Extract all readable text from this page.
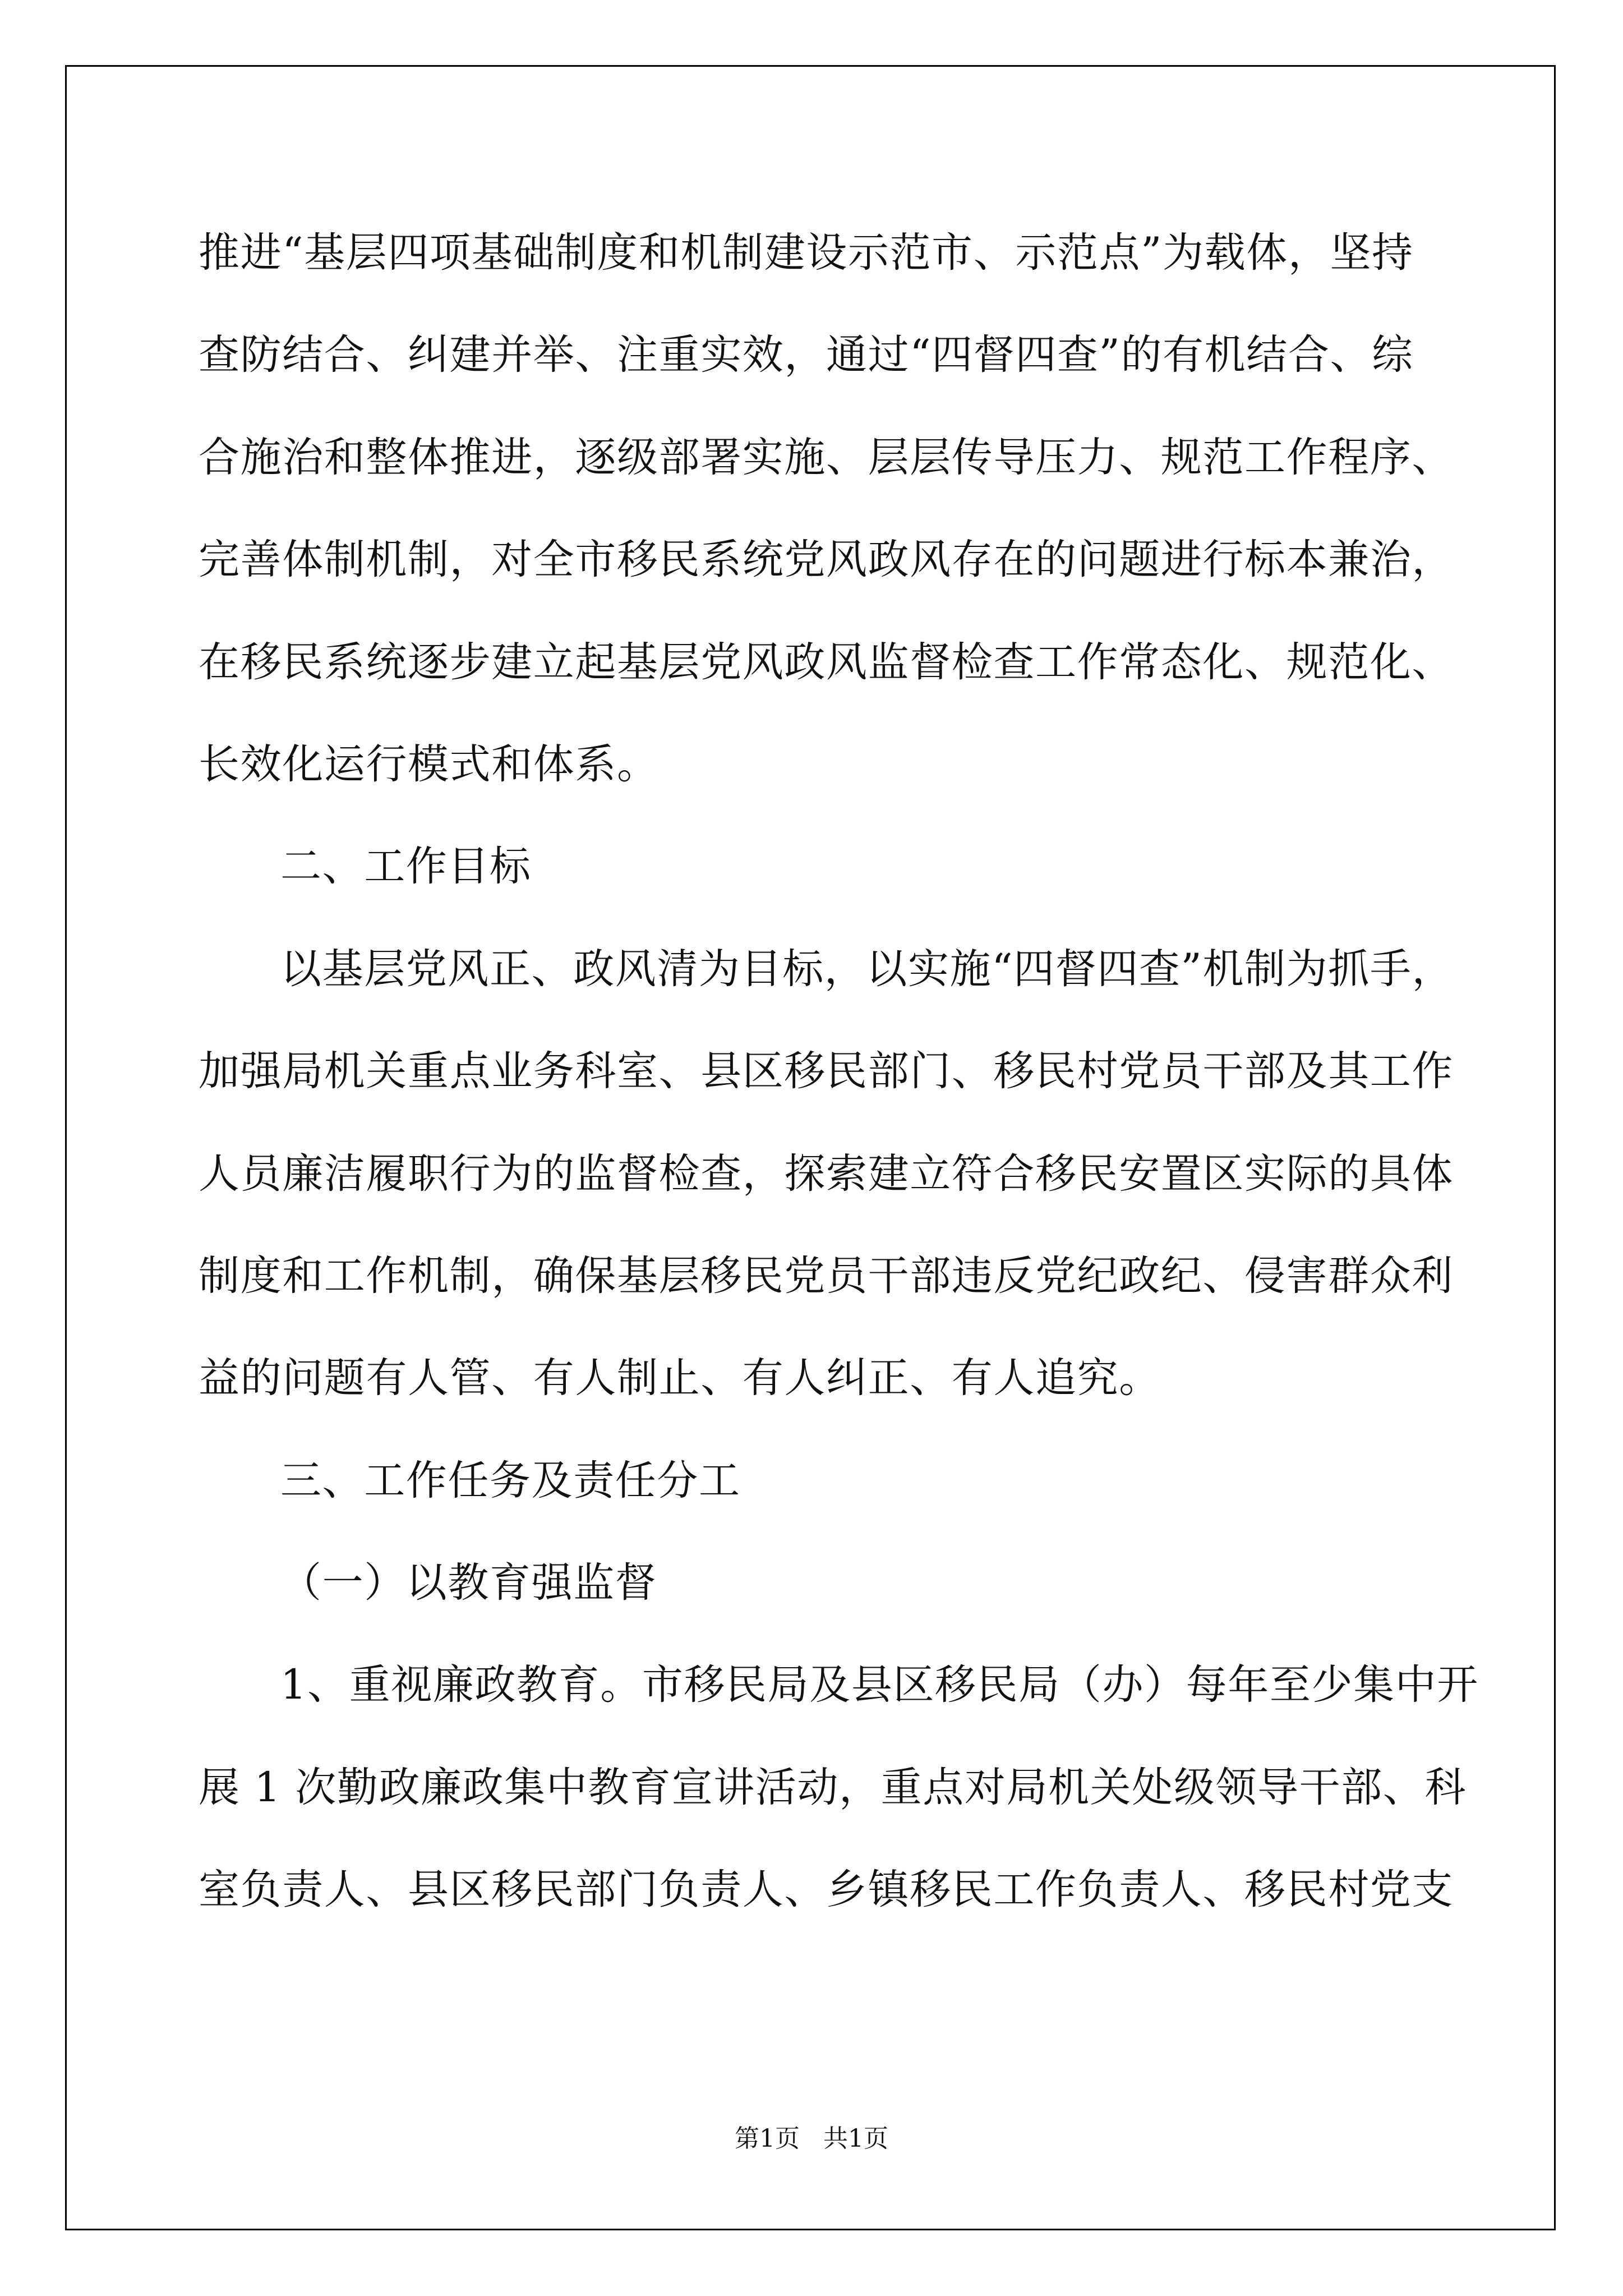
推进“基层四项基础制度和机制建设示范市、示范点”为载体，坚持
查防结合、纠建并举、注重实效，通过“四督四查”的有机结合、综
合施治和整体推进，逐级部署实施、层层传导压力、规范工作程序、
完善体制机制，对全市移民系统党风政风存在的问题进行标本兼治，
在移民系统逐步建立起基层党风政风监督检查工作常态化、规范化、
长效化运行模式和体系。
二、工作目标
以基层党风正、政风清为目标，以实施“四督四查”机制为抓手，
加强局机关重点业务科室、县区移民部门、移民村党员干部及其工作
人员廉洁履职行为的监督检查，探索建立符合移民安置区实际的具体
制度和工作机制，确保基层移民党员干部违反党纪政纪、侵害群众利
益的问题有人管、有人制止、有人纠正、有人追究。
三、工作任务及责任分工
（一）以教育强监督
1、重视廉政教育。市移民局及县区移民局（办）每年至少集中开
展 1 次勤政廉政集中教育宣讲活动，重点对局机关处级领导干部、科
室负责人、县区移民部门负责人、乡镇移民工作负责人、移民村党支
第1页 共1页
